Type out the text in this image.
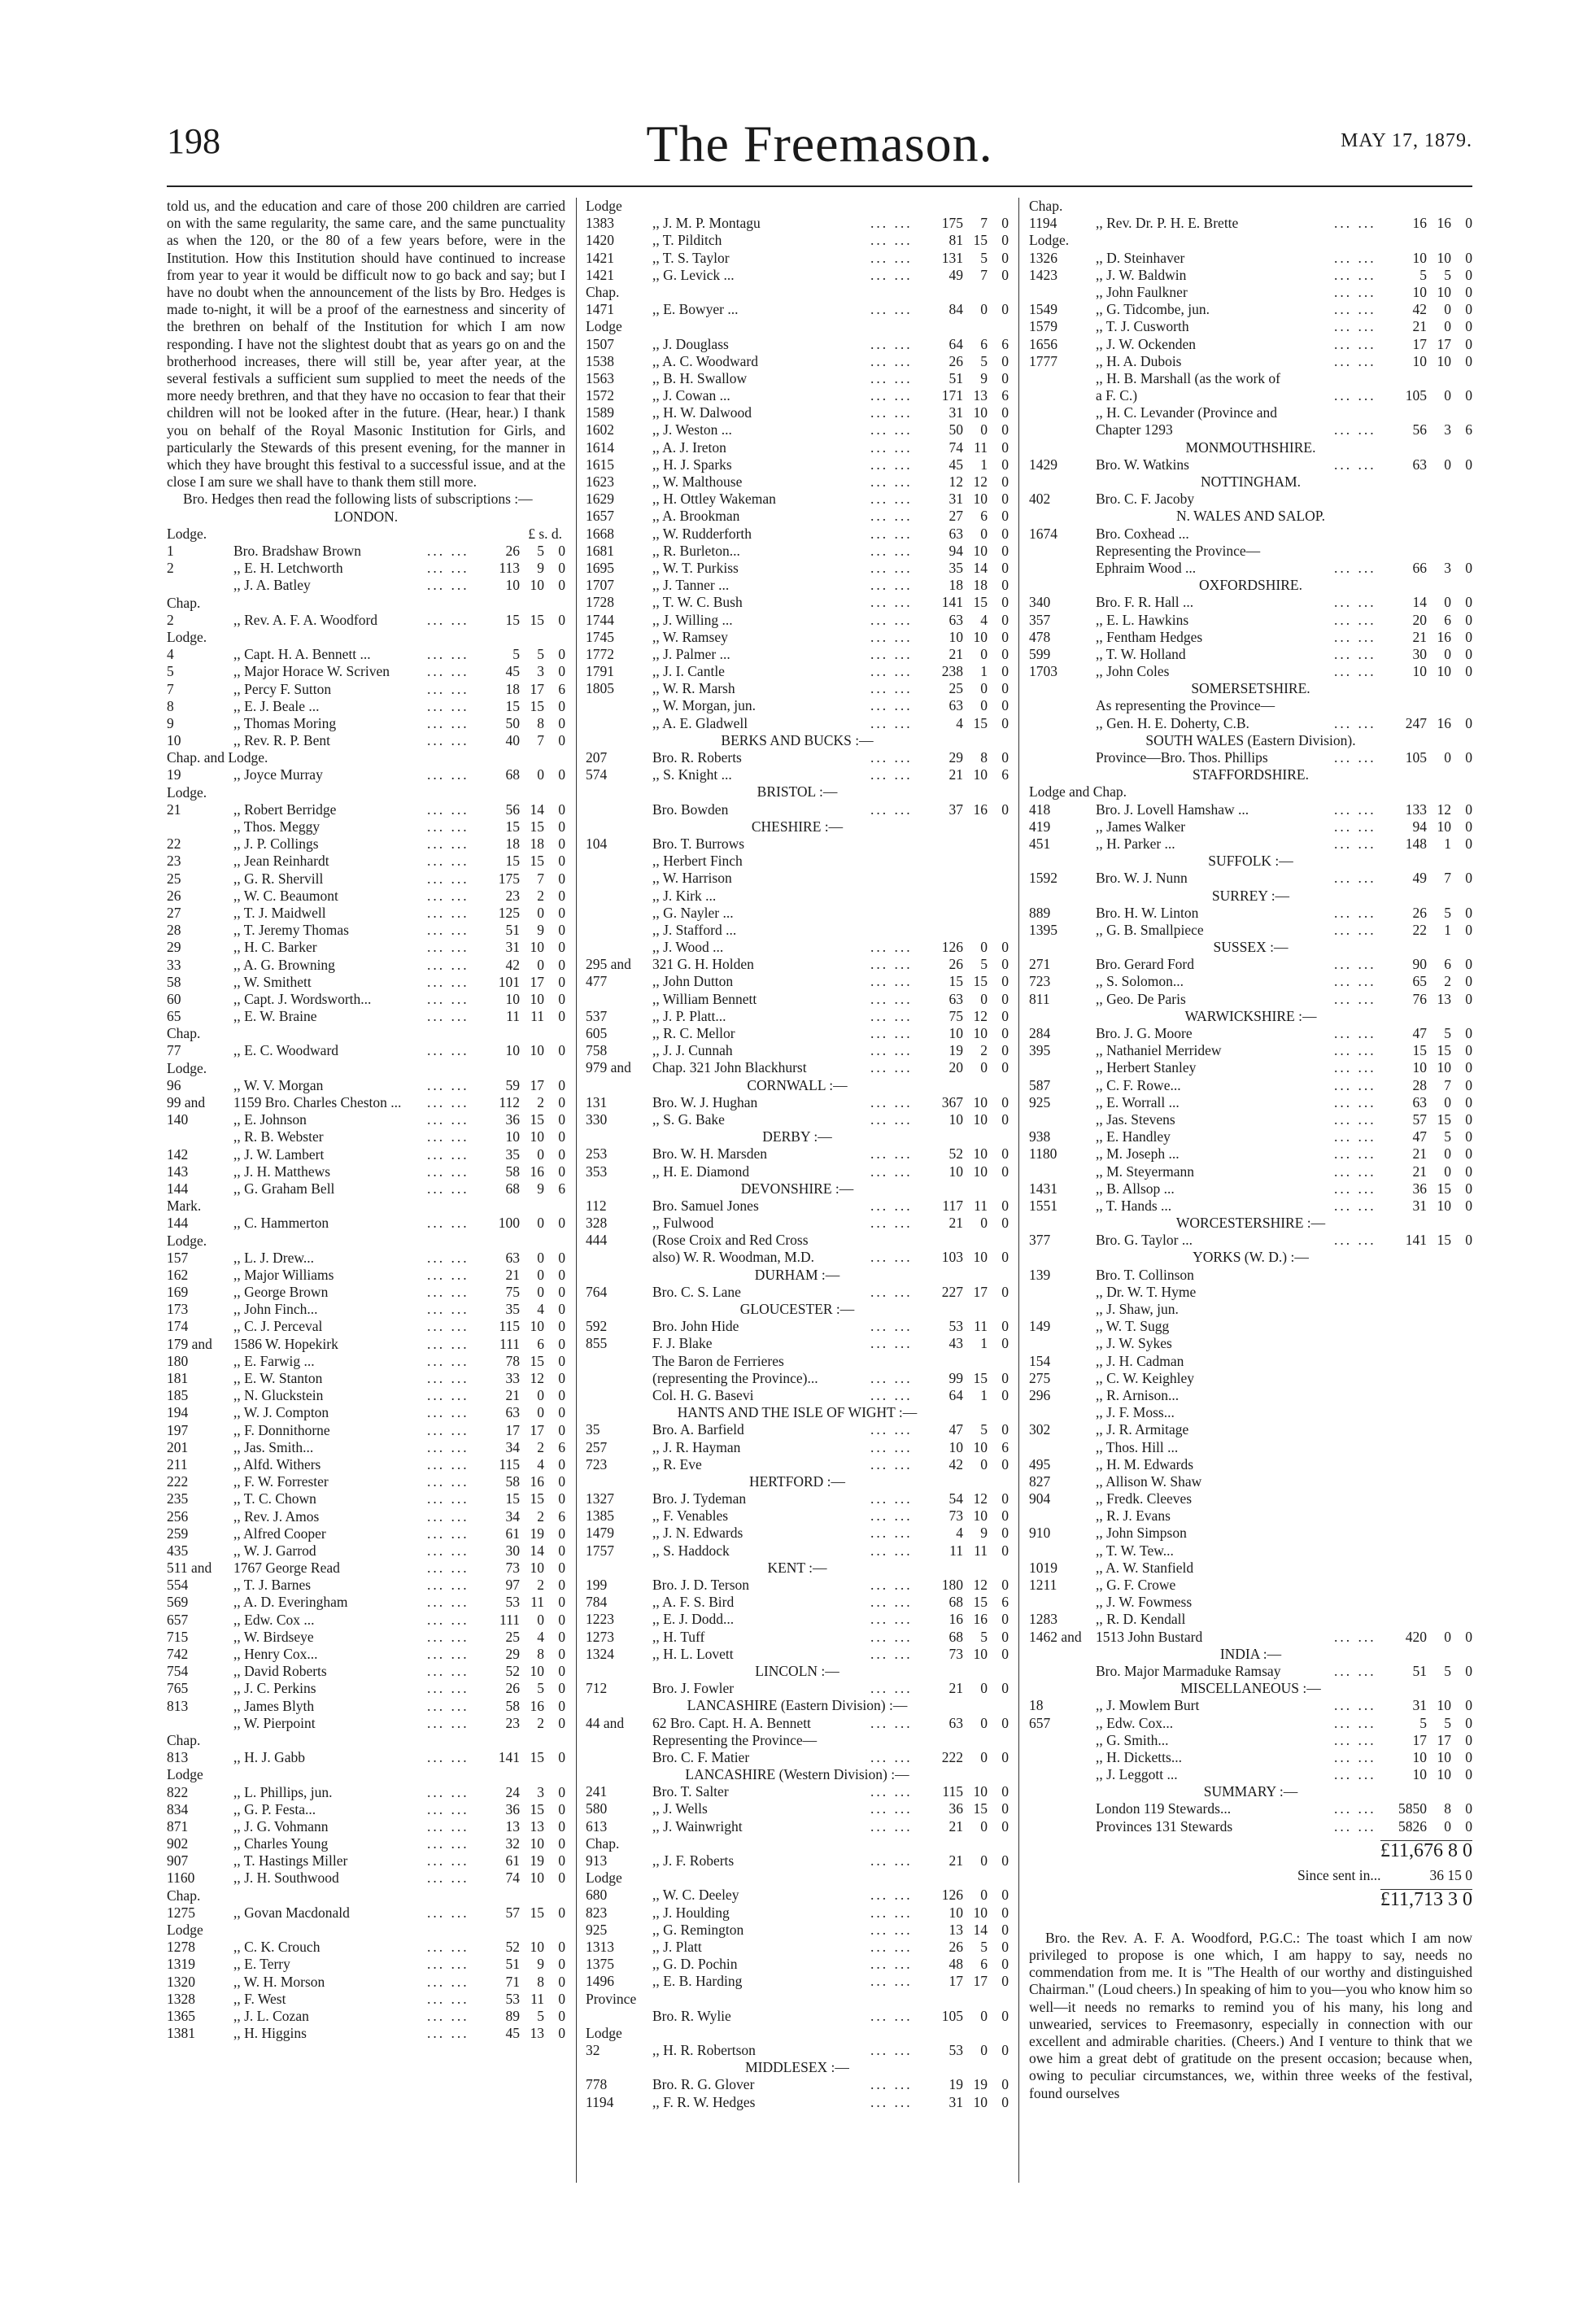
198	The Freemason.	MAY 17, 1879.

told us, and the education and care of those 200 children are carried on with the same regularity, the same care, and the same punctuality as when the 120, or the 80 of a few years before, were in the Institution. How this Institution should have continued to increase from year to year it would be difficult now to go back and say; but I have no doubt when the announcement of the lists by Bro. Hedges is made to-night, it will be a proof of the earnestness and sincerity of the brethren on behalf of the Institution for which I am now responding. I have not the slightest doubt that as years go on and the brotherhood increases, there will still be, year after year, at the several festivals a sufficient sum supplied to meet the needs of the more needy brethren, and that they have no occasion to fear that their children will not be looked after in the future. (Hear, hear.) I thank you on behalf of the Royal Masonic Institution for Girls, and particularly the Stewards of this present evening, for the manner in which they have brought this festival to a successful issue, and at the close I am sure we shall have to thank them still more.

Bro. Hedges then read the following lists of subscriptions :—

LONDON.
Lodge.	£ s. d.
1	Bro. Bradshaw Brown	... ...	26	5 0
2	,, E. H. Letchworth	... ...	113	9 0
,, J. A. Batley	... ...	10 10 0
Chap.
2	,, Rev. A. F. A. Woodford	... ...	15 15 0
Lodge.
4	,, Capt. H. A. Bennett ...	... ...	5	5 0
5	,, Major Horace W. Scriven	... ...	45	3 0
7	,, Percy F. Sutton	... ...	18 17 6
8	,, E. J. Beale ...	... ...	15 15 0
9	,, Thomas Moring	... ...	50	8 0
10	,, Rev. R. P. Bent	... ...	40	7 0
Chap. and Lodge.
19	,, Joyce Murray	... ...	68	0 0
Lodge.
21	,, Robert Berridge	... ...	56 14 0
,, Thos. Meggy	... ...	15 15 0
22	,, J. P. Collings	... ...	18 18 0
23	,, Jean Reinhardt	... ...	15 15 0
25	,, G. R. Shervill	... ...	175	7 0
26	,, W. C. Beaumont	... ...	23	2 0
27	,, T. J. Maidwell	... ...	125	0 0
28	,, T. Jeremy Thomas	... ...	51	9 0
29	,, H. C. Barker	... ...	31 10 0
33	,, A. G. Browning	... ...	42	0 0
58	,, W. Smithett	... ...	101 17 0
60	,, Capt. J. Wordsworth...	... ...	10 10 0
65	,, E. W. Braine	... ...	11 11 0
Chap.
77	,, E. C. Woodward	... ...	10 10 0
Lodge.
96	,, W. V. Morgan	... ...	59 17 0
99 and	1159 Bro. Charles Cheston ...	... ...	112	2 0
140	,, E. Johnson	... ...	36 15 0
,, R. B. Webster	... ...	10 10 0
142	,, J. W. Lambert	... ...	35	0 0
143	,, J. H. Matthews	... ...	58 16 0
144	,, G. Graham Bell	... ...	68	9 6
Mark.
144	,, C. Hammerton	... ...	100	0 0
Lodge.
157	,, L. J. Drew...	... ...	63	0 0
162	,, Major Williams	... ...	21	0 0
169	,, George Brown	... ...	75	0 0
173	,, John Finch...	... ...	35	4 0
174	,, C. J. Perceval	... ...	115 10 0
179 and	1586 W. Hopekirk	... ...	111	6 0
180	,, E. Farwig ...	... ...	78 15 0
181	,, E. W. Stanton	... ...	33 12 0
185	,, N. Gluckstein	... ...	21	0 0
194	,, W. J. Compton	... ...	63	0 0
197	,, F. Donnithorne	... ...	17 17 0
201	,, Jas. Smith...	... ...	34	2 6
211	,, Alfd. Withers	... ...	115	4 0
222	,, F. W. Forrester	... ...	58 16 0
235	,, T. C. Chown	... ...	15 15 0
256	,, Rev. J. Amos	... ...	34	2 6
259	,, Alfred Cooper	... ...	61 19 0
435	,, W. J. Garrod	... ...	30 14 0
511 and	1767 George Read	... ...	73 10 0
554	,, T. J. Barnes	... ...	97	2 0
569	,, A. D. Everingham	... ...	53 11 0
657	,, Edw. Cox ...	... ...	111	0 0
715	,, W. Birdseye	... ...	25	4 0
742	,, Henry Cox...	... ...	29	8 0
754	,, David Roberts	... ...	52 10 0
765	,, J. C. Perkins	... ...	26	5 0
813	,, James Blyth	... ...	58 16 0
,, W. Pierpoint	... ...	23	2 0
Chap.
813	,, H. J. Gabb	... ...	141 15 0
Lodge
822	,, L. Phillips, jun.	... ...	24	3 0
834	,, G. P. Festa...	... ...	36 15 0
871	,, J. G. Vohmann	... ...	13 13 0
902	,, Charles Young	... ...	32 10 0
907	,, T. Hastings Miller	... ...	61 19 0
1160	,, J. H. Southwood	... ...	74 10 0
Chap.
1275	,, Govan Macdonald	... ...	57 15 0
Lodge
1278	,, C. K. Crouch	... ...	52 10 0
1319	,, E. Terry	... ...	51	9 0
1320	,, W. H. Morson	... ...	71	8 0
1328	,, F. West	... ...	53 11 0
1365	,, J. L. Cozan	... ...	89	5 0
1381	,, H. Higgins	... ...	45 13 0
Lodge
1383	,, J. M. P. Montagu	... ...	175	7 0
1420	,, T. Pilditch	... ...	81 15 0
1421	,, T. S. Taylor	... ...	131	5 0
1421	,, G. Levick ...	... ...	49	7 0
Chap.
1471	,, E. Bowyer ...	... ...	84	0 0
Lodge
1507	,, J. Douglass	... ...	64	6 6
1538	,, A. C. Woodward	... ...	26	5 0
1563	,, B. H. Swallow	... ...	51	9 0
1572	,, J. Cowan ...	... ...	171 13 6
1589	,, H. W. Dalwood	... ...	31 10 0
1602	,, J. Weston ...	... ...	50	0 0
1614	,, A. J. Ireton	... ...	74 11 0
1615	,, H. J. Sparks	... ...	45	1 0
1623	,, W. Malthouse	... ...	12 12 0
1629	,, H. Ottley Wakeman	... ...	31 10 0
1657	,, A. Brookman	... ...	27	6 0
1668	,, W. Rudderforth	... ...	63	0 0
1681	,, R. Burleton...	... ...	94 10 0
1695	,, W. T. Purkiss	... ...	35 14 0
1707	,, J. Tanner ...	... ...	18 18 0
1728	,, T. W. C. Bush	... ...	141 15 0
1744	,, J. Willing ...	... ...	63	4 0
1745	,, W. Ramsey	... ...	10 10 0
1772	,, J. Palmer ...	... ...	21	0 0
1791	,, J. I. Cantle	... ...	238	1 0
1805	,, W. R. Marsh	... ...	25	0 0
,, W. Morgan, jun.	... ...	63	0 0
,, A. E. Gladwell	... ...	4 15 0
BERKS AND BUCKS :—
207	Bro. R. Roberts	... ...	29	8 0
574	,, S. Knight ...	... ...	21 10 6
BRISTOL :—
Bro. Bowden	... ...	37 16 0
CHESHIRE :—
104	Bro. T. Burrows
,, Herbert Finch
,, W. Harrison
,, J. Kirk ...
,, G. Nayler ...
,, J. Stafford ...
,, J. Wood ...	... ...	126	0 0
295 and	321 G. H. Holden	... ...	26	5 0
477	,, John Dutton	... ...	15 15 0
,, William Bennett	... ...	63	0 0
537	,, J. P. Platt...	... ...	75 12 0
605	,, R. C. Mellor	... ...	10 10 0
758	,, J. J. Cunnah	... ...	19	2 0
979 and	Chap. 321 John Blackhurst	... ...	20	0 0
CORNWALL :—
131	Bro. W. J. Hughan	... ...	367 10 0
330	,, S. G. Bake	... ...	10 10 0
DERBY :—
253	Bro. W. H. Marsden	... ...	52 10 0
353	,, H. E. Diamond	... ...	10 10 0
DEVONSHIRE :—
112	Bro. Samuel Jones	... ...	117 11 0
328	,, Fulwood	... ...	21	0 0
444	(Rose Croix and Red Cross
also) W. R. Woodman, M.D.	... ...	103 10 0
DURHAM :—
764	Bro. C. S. Lane	... ...	227 17 0
GLOUCESTER :—
592	Bro. John Hide	... ...	53 11 0
855	F. J. Blake	... ...	43	1 0
The Baron de Ferrieres
(representing the Province)...	... ...	99 15 0
Col. H. G. Basevi	... ...	64	1 0
HANTS AND THE ISLE OF WIGHT :—
35	Bro. A. Barfield	... ...	47	5 0
257	,, J. R. Hayman	... ...	10 10 6
723	,, R. Eve	... ...	42	0 0
HERTFORD :—
1327	Bro. J. Tydeman	... ...	54 12 0
1385	,, F. Venables	... ...	73 10 0
1479	,, J. N. Edwards	... ...	4	9 0
1757	,, S. Haddock	... ...	11 11 0
KENT :—
199	Bro. J. D. Terson	... ...	180 12 0
784	,, A. F. S. Bird	... ...	68 15 6
1223	,, E. J. Dodd...	... ...	16 16 0
1273	,, H. Tuff	... ...	68	5 0
1324	,, H. L. Lovett	... ...	73 10 0
LINCOLN :—
712	Bro. J. Fowler	... ...	21	0 0
LANCASHIRE (Eastern Division) :—
44 and	62 Bro. Capt. H. A. Bennett	... ...	63	0 0
Representing the Province—
Bro. C. F. Matier	... ...	222	0 0
LANCASHIRE (Western Division) :—
241	Bro. T. Salter	... ...	115 10 0
580	,, J. Wells	... ...	36 15 0
613	,, J. Wainwright	... ...	21	0 0
Chap.
913	,, J. F. Roberts	... ...	21	0 0
Lodge
680	,, W. C. Deeley	... ...	126	0 0
823	,, J. Houlding	... ...	10 10 0
925	,, G. Remington	... ...	13 14 0
1313	,, J. Platt	... ...	26	5 0
1375	,, G. D. Pochin	... ...	48	6 0
1496	,, E. B. Harding	... ...	17 17 0
Province
Bro. R. Wylie	... ...	105	0 0
Lodge
32	,, H. R. Robertson	... ...	53	0 0
MIDDLESEX :—
778	Bro. R. G. Glover	... ...	19 19 0
1194	,, F. R. W. Hedges	... ...	31 10 0
Chap.
1194	,, Rev. Dr. P. H. E. Brette	... ...	16 16 0
Lodge.
1326	,, D. Steinhaver	... ...	10 10 0
1423	,, J. W. Baldwin	... ...	5	5 0
,, John Faulkner	... ...	10 10 0
1549	,, G. Tidcombe, jun.	... ...	42	0 0
1579	,, T. J. Cusworth	... ...	21	0 0
1656	,, J. W. Ockenden	... ...	17 17 0
1777	,, H. A. Dubois	... ...	10 10 0
,, H. B. Marshall (as the work of
a F. C.)	... ...	105	0 0
,, H. C. Levander (Province and
Chapter 1293	... ...	56	3 6
MONMOUTHSHIRE.
1429	Bro. W. Watkins	... ...	63	0 0
NOTTINGHAM.
402	Bro. C. F. Jacoby
N. WALES AND SALOP.
1674	Bro. Coxhead ...
Representing the Province—
Ephraim Wood ...	... ...	66	3 0
OXFORDSHIRE.
340	Bro. F. R. Hall ...	... ...	14	0 0
357	,, E. L. Hawkins	... ...	20	6 0
478	,, Fentham Hedges	... ...	21 16 0
599	,, T. W. Holland	... ...	30	0 0
1703	,, John Coles	... ...	10 10 0
SOMERSETSHIRE.
As representing the Province—
,, Gen. H. E. Doherty, C.B.	... ...	247 16 0
SOUTH WALES (Eastern Division).
Province—Bro. Thos. Phillips	... ...	105	0 0
STAFFORDSHIRE.
Lodge and Chap.
418	Bro. J. Lovell Hamshaw ...	... ...	133 12 0
419	,, James Walker	... ...	94 10 0
451	,, H. Parker ...	... ...	148	1 0
SUFFOLK :—
1592	Bro. W. J. Nunn	... ...	49	7 0
SURREY :—
889	Bro. H. W. Linton	... ...	26	5 0
1395	,, G. B. Smallpiece	... ...	22	1 0
SUSSEX :—
271	Bro. Gerard Ford	... ...	90	6 0
723	,, S. Solomon...	... ...	65	2 0
811	,, Geo. De Paris	... ...	76 13 0
WARWICKSHIRE :—
284	Bro. J. G. Moore	... ...	47	5 0
395	,, Nathaniel Merridew	... ...	15 15 0
,, Herbert Stanley	... ...	10 10 0
587	,, C. F. Rowe...	... ...	28	7 0
925	,, E. Worrall ...	... ...	63	0 0
,, Jas. Stevens	... ...	57 15 0
938	,, E. Handley	... ...	47	5 0
1180	,, M. Joseph ...	... ...	21	0 0
,, M. Steyermann	... ...	21	0 0
1431	,, B. Allsop ...	... ...	36 15 0
1551	,, T. Hands ...	... ...	31 10 0
WORCESTERSHIRE :—
377	Bro. G. Taylor ...	... ...	141 15 0
YORKS (W. D.) :—
139	Bro. T. Collinson
,, Dr. W. T. Hyme
,, J. Shaw, jun.
149	,, W. T. Sugg
,, J. W. Sykes
154	,, J. H. Cadman
275	,, C. W. Keighley
296	,, R. Arnison...
,, J. F. Moss...
302	,, J. R. Armitage
,, Thos. Hill ...
495	,, H. M. Edwards
827	,, Allison W. Shaw
904	,, Fredk. Cleeves
,, R. J. Evans
910	,, John Simpson
,, T. W. Tew...
1019	,, A. W. Stanfield
1211	,, G. F. Crowe
,, J. W. Fowmess
1283	,, R. D. Kendall
1462 and 1513 John Bustard	... ...	420	0 0
INDIA :—
Bro. Major Marmaduke Ramsay	... ...	51	5 0
MISCELLANEOUS :—
18	,, J. Mowlem Burt	... ...	31 10 0
657	,, Edw. Cox...	... ...	5	5 0
,, G. Smith...	... ...	17 17 0
,, H. Dicketts...	... ...	10 10 0
,, J. Leggott ...	... ...	10 10 0
SUMMARY :—
London 119 Stewards...	... ...	5850	8 0
Provinces 131 Stewards	... ...	5826	0 0
£11,676 8 0
Since sent in...	36 15 0
£11,713 3 0

Bro. the Rev. A. F. A. Woodford, P.G.C.: The toast which I am now privileged to propose is one which, I am happy to say, needs no commendation from me. It is "The Health of our worthy and distinguished Chairman." (Loud cheers.) In speaking of him to you—you who know him so well—it needs no remarks to remind you of his many, his long and unwearied, services to Freemasonry, especially in connection with our excellent and admirable charities. (Cheers.) And I venture to think that we owe him a great debt of gratitude on the present occasion; because when, owing to peculiar circumstances, we, within three weeks of the festival, found ourselves
